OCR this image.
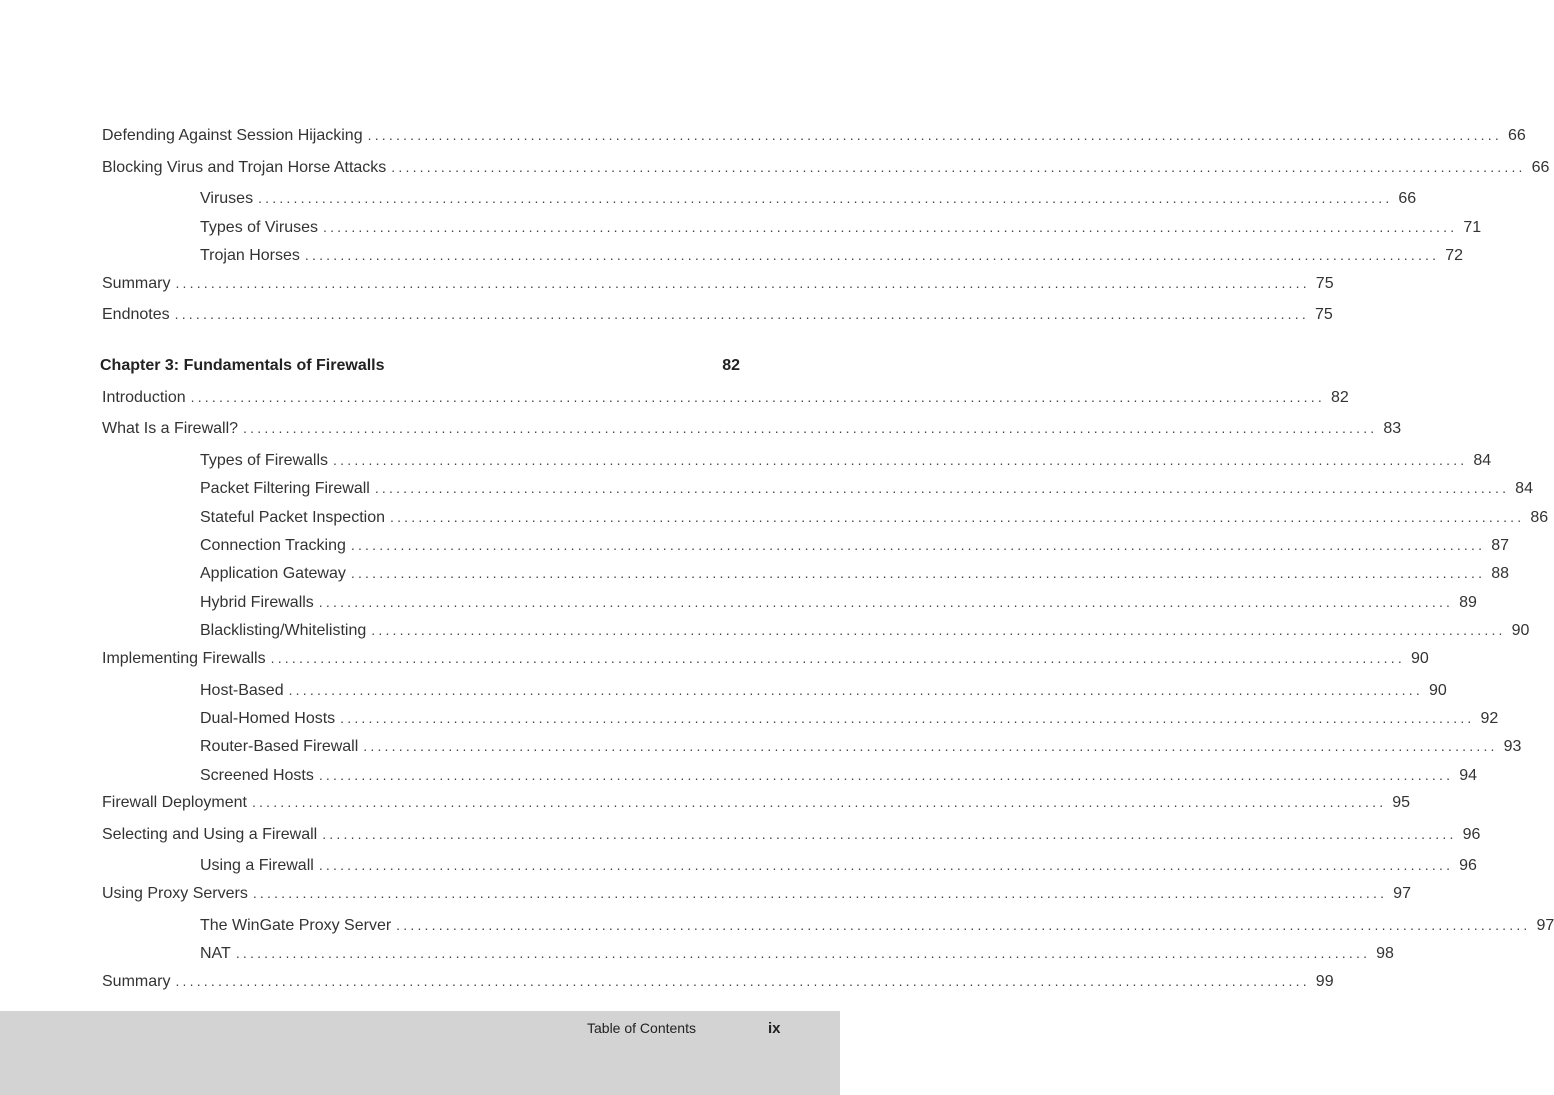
Defending Against Session Hijacking ................................................................................................................................................................ 66
Blocking Virus and Trojan Horse Attacks ................................................................................................................................................................ 66
Viruses ................................................................................................................................................................ 66
Types of Viruses ................................................................................................................................................................ 71
Trojan Horses ................................................................................................................................................................ 72
Summary ................................................................................................................................................................ 75
Endnotes ................................................................................................................................................................ 75
Chapter 3: Fundamentals of Firewalls	82
Introduction ................................................................................................................................................................ 82
What Is a Firewall? ................................................................................................................................................................ 83
Types of Firewalls ................................................................................................................................................................ 84
Packet Filtering Firewall ................................................................................................................................................................ 84
Stateful Packet Inspection ................................................................................................................................................................ 86
Connection Tracking ................................................................................................................................................................ 87
Application Gateway ................................................................................................................................................................ 88
Hybrid Firewalls ................................................................................................................................................................ 89
Blacklisting/Whitelisting ................................................................................................................................................................ 90
Implementing Firewalls ................................................................................................................................................................ 90
Host-Based ................................................................................................................................................................ 90
Dual-Homed Hosts ................................................................................................................................................................ 92
Router-Based Firewall ................................................................................................................................................................ 93
Screened Hosts ................................................................................................................................................................ 94
Firewall Deployment ................................................................................................................................................................ 95
Selecting and Using a Firewall ................................................................................................................................................................ 96
Using a Firewall ................................................................................................................................................................ 96
Using Proxy Servers ................................................................................................................................................................ 97
The WinGate Proxy Server ................................................................................................................................................................ 97
NAT ................................................................................................................................................................ 98
Summary ................................................................................................................................................................ 99
Table of Contents	ix
